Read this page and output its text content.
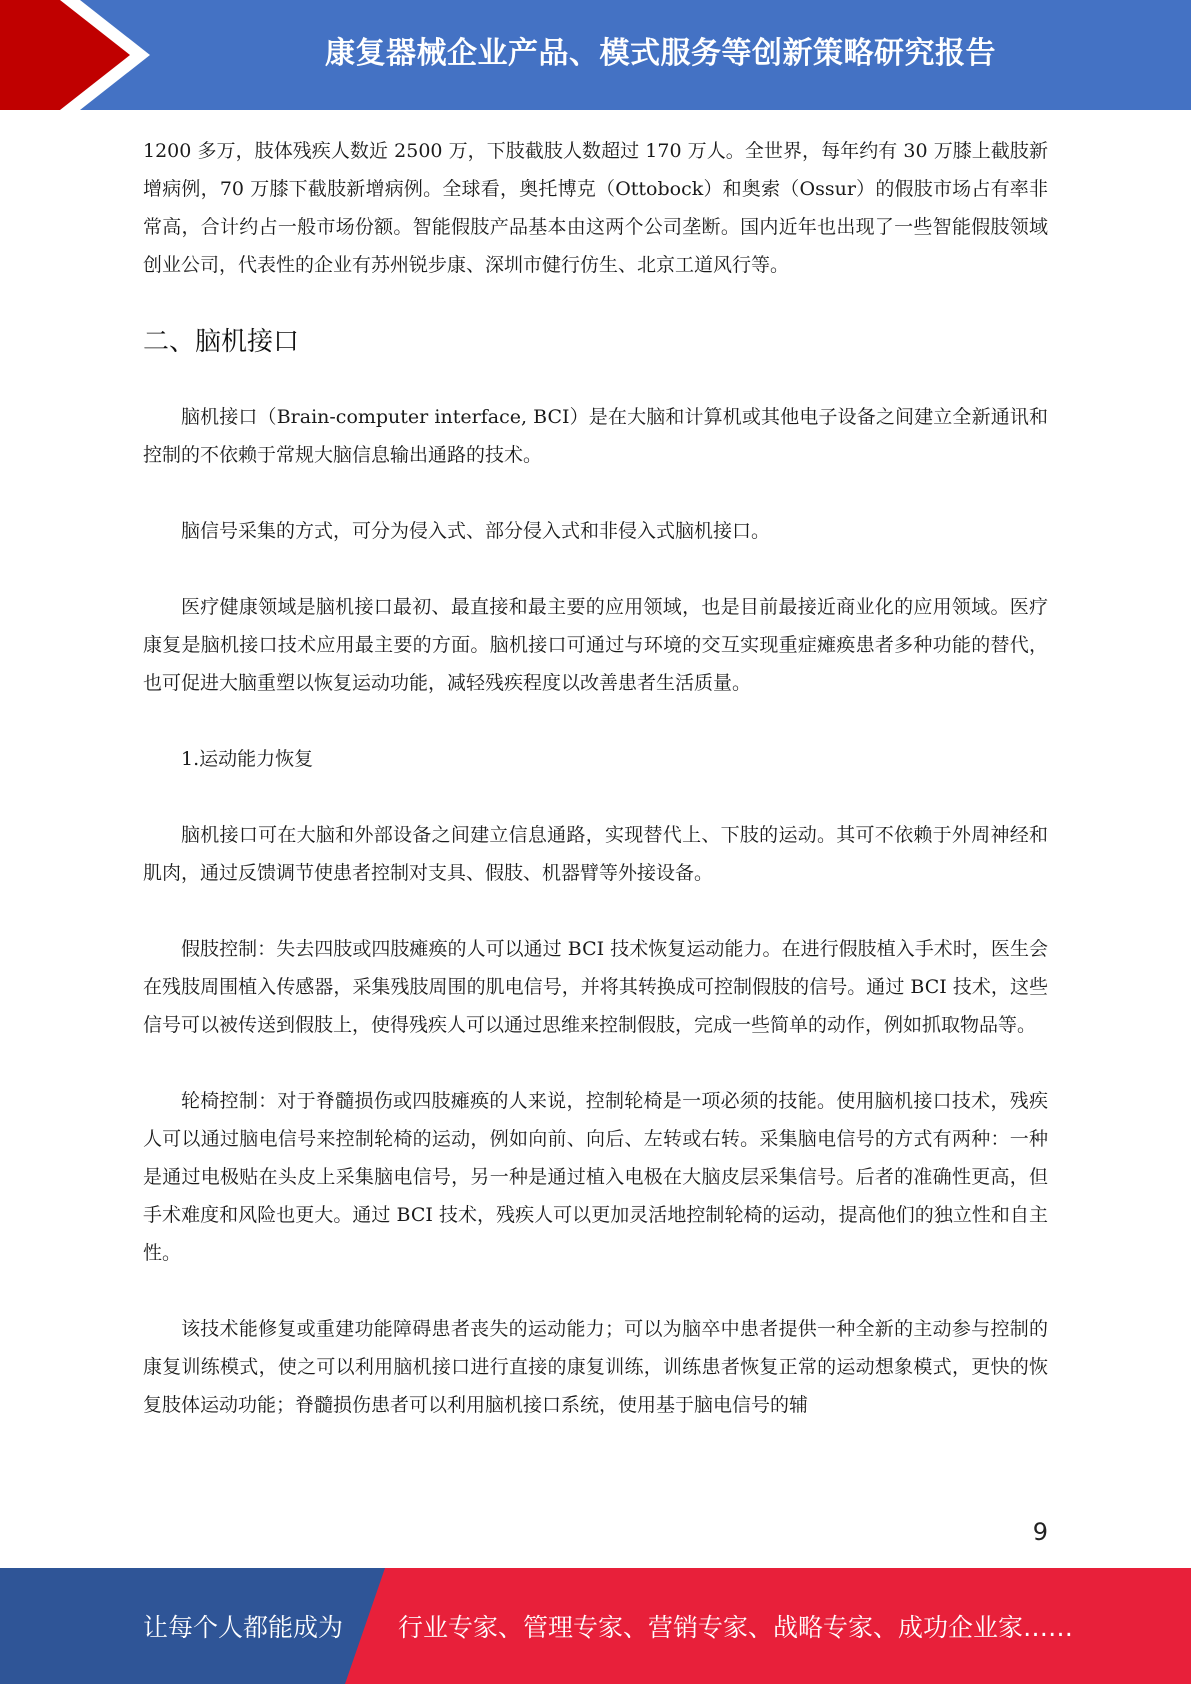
康复器械企业产品、模式服务等创新策略研究报告

1200 多万，肢体残疾人数近 2500 万，下肢截肢人数超过 170 万人。全世界，每年约有 30 万膝上截肢新增病例，70 万膝下截肢新增病例。全球看，奥托博克（Ottobock）和奥索（Ossur）的假肢市场占有率非常高，合计约占一般市场份额。智能假肢产品基本由这两个公司垄断。国内近年也出现了一些智能假肢领域创业公司，代表性的企业有苏州锐步康、深圳市健行仿生、北京工道风行等。

二、脑机接口

脑机接口（Brain-computer interface, BCI）是在大脑和计算机或其他电子设备之间建立全新通讯和控制的不依赖于常规大脑信息输出通路的技术。

脑信号采集的方式，可分为侵入式、部分侵入式和非侵入式脑机接口。

医疗健康领域是脑机接口最初、最直接和最主要的应用领域，也是目前最接近商业化的应用领域。医疗康复是脑机接口技术应用最主要的方面。脑机接口可通过与环境的交互实现重症瘫痪患者多种功能的替代，也可促进大脑重塑以恢复运动功能，减轻残疾程度以改善患者生活质量。

1.运动能力恢复

脑机接口可在大脑和外部设备之间建立信息通路，实现替代上、下肢的运动。其可不依赖于外周神经和肌肉，通过反馈调节使患者控制对支具、假肢、机器臂等外接设备。

假肢控制：失去四肢或四肢瘫痪的人可以通过 BCI 技术恢复运动能力。在进行假肢植入手术时，医生会在残肢周围植入传感器，采集残肢周围的肌电信号，并将其转换成可控制假肢的信号。通过 BCI 技术，这些信号可以被传送到假肢上，使得残疾人可以通过思维来控制假肢，完成一些简单的动作，例如抓取物品等。

轮椅控制：对于脊髓损伤或四肢瘫痪的人来说，控制轮椅是一项必须的技能。使用脑机接口技术，残疾人可以通过脑电信号来控制轮椅的运动，例如向前、向后、左转或右转。采集脑电信号的方式有两种：一种是通过电极贴在头皮上采集脑电信号，另一种是通过植入电极在大脑皮层采集信号。后者的准确性更高，但手术难度和风险也更大。通过 BCI 技术，残疾人可以更加灵活地控制轮椅的运动，提高他们的独立性和自主性。

该技术能修复或重建功能障碍患者丧失的运动能力；可以为脑卒中患者提供一种全新的主动参与控制的康复训练模式，使之可以利用脑机接口进行直接的康复训练，训练患者恢复正常的运动想象模式，更快的恢复肢体运动功能；脊髓损伤患者可以利用脑机接口系统，使用基于脑电信号的辅

9
让每个人都能成为 行业专家、管理专家、营销专家、战略专家、成功企业家……
